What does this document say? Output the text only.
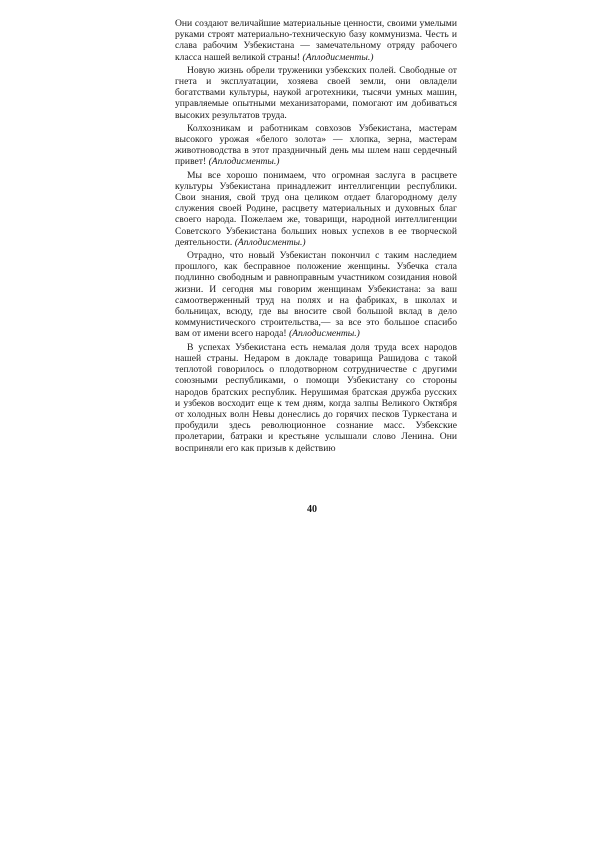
Они создают величайшие материальные ценности, своими умелыми руками строят материально-техническую базу коммунизма. Честь и слава рабочим Узбекистана — замечательному отряду рабочего класса нашей великой страны! (Аплодисменты.)

Новую жизнь обрели труженики узбекских полей. Свободные от гнета и эксплуатации, хозяева своей земли, они овладели богатствами культуры, наукой агротехники, тысячи умных машин, управляемые опытными механизаторами, помогают им добиваться высоких результатов труда.

Колхозникам и работникам совхозов Узбекистана, мастерам высокого урожая «белого золота» — хлопка, зерна, мастерам животноводства в этот праздничный день мы шлем наш сердечный привет! (Аплодисменты.)

Мы все хорошо понимаем, что огромная заслуга в расцвете культуры Узбекистана принадлежит интеллигенции республики. Свои знания, свой труд она целиком отдает благородному делу служения своей Родине, расцвету материальных и духовных благ своего народа. Пожелаем же, товарищи, народной интеллигенции Советского Узбекистана больших новых успехов в ее творческой деятельности. (Аплодисменты.)

Отрадно, что новый Узбекистан покончил с таким наследием прошлого, как бесправное положение женщины. Узбечка стала подлинно свободным и равноправным участником созидания новой жизни. И сегодня мы говорим женщинам Узбекистана: за ваш самоотверженный труд на полях и на фабриках, в школах и больницах, всюду, где вы вносите свой большой вклад в дело коммунистического строительства,— за все это большое спасибо вам от имени всего народа! (Аплодисменты.)

В успехах Узбекистана есть немалая доля труда всех народов нашей страны. Недаром в докладе товарища Рашидова с такой теплотой говорилось о плодотворном сотрудничестве с другими союзными республиками, о помощи Узбекистану со стороны народов братских республик. Нерушимая братская дружба русских и узбеков восходит еще к тем дням, когда залпы Великого Октября от холодных волн Невы донеслись до горячих песков Туркестана и пробудили здесь революционное сознание масс. Узбекские пролетарии, батраки и крестьяне услышали слово Ленина. Они восприняли его как призыв к действию

40
